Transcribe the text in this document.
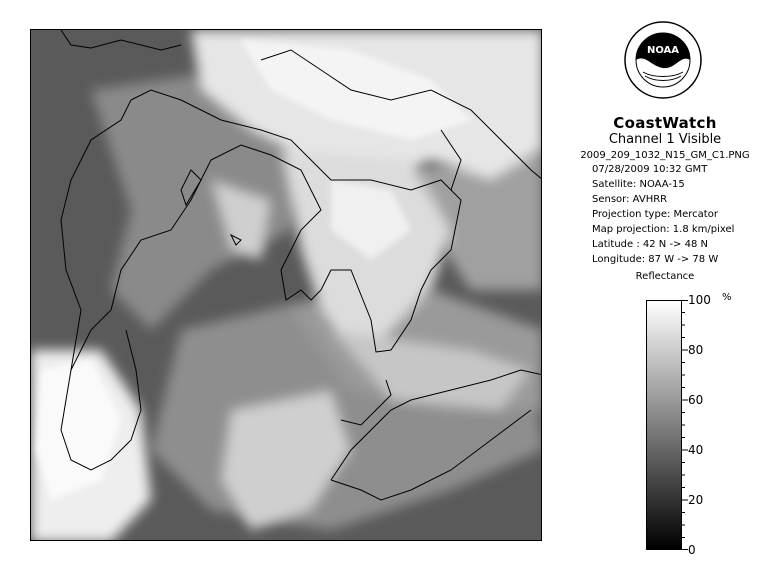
NOAA
CoastWatch
Channel 1 Visible
2009_209_1032_N15_GM_C1.PNG
07/28/2009 10:32 GMT
Satellite: NOAA-15
Sensor: AVHRR
Projection type: Mercator
Map projection: 1.8 km/pixel
Latitude : 42 N -> 48 N
Longitude: 87 W -> 78 W
Reflectance
%
0
20
40
60
80
100
